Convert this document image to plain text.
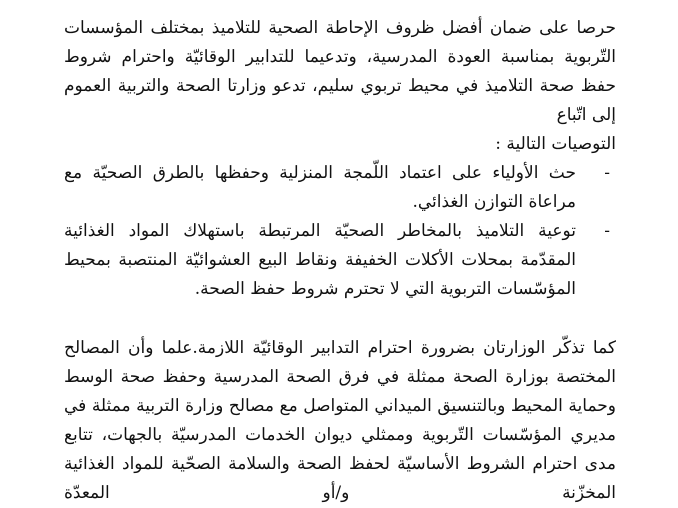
حرصا على ضمان أفضل ظروف الإحاطة الصحية للتلاميذ بمختلف المؤسسات التّربوية بمناسبة العودة المدرسية، وتدعيما للتدابير الوقائيّة واحترام شروط حفظ صحة التلاميذ في محيط تربوي سليم، تدعو وزارتا الصحة والتربية العموم إلى اتّباع
التوصيات التالية :

-
حث الأولياء على اعتماد اللّمجة المنزلية وحفظها بالطرق الصحيّة مع مراعاة التوازن الغذائي.
-
توعية التلاميذ بالمخاطر الصحيّة المرتبطة باستهلاك المواد الغذائية المقدّمة بمحلات الأكلات الخفيفة ونقاط البيع العشوائيّة المنتصبة بمحيط المؤسّسات التربوية التي لا تحترم شروط حفظ الصحة.

كما تذكّر الوزارتان بضرورة احترام التدابير الوقائيّة اللازمة.علما وأن المصالح المختصة بوزارة الصحة ممثلة في فرق الصحة المدرسية وحفظ صحة الوسط وحماية المحيط وبالتنسيق الميداني المتواصل مع مصالح وزارة التربية ممثلة في مديري المؤسّسات التّربوية وممثلي ديوان الخدمات المدرسيّة بالجهات، تتابع مدى احترام الشروط الأساسيّة لحفظ الصحة والسلامة الصحّية للمواد الغذائية المخزّنة و/أو المعدّة
